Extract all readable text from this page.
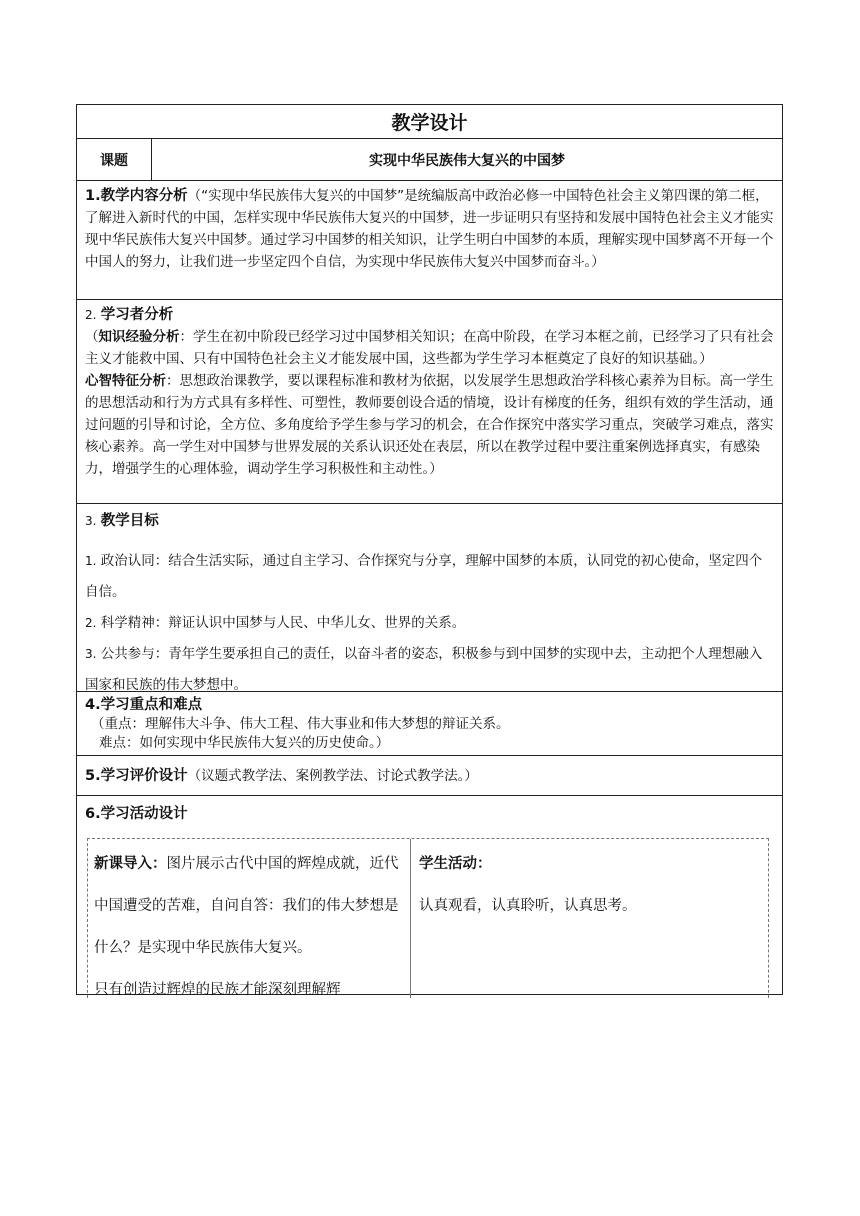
教学设计
课题	实现中华民族伟大复兴的中国梦

1.教学内容分析（“实现中华民族伟大复兴的中国梦”是统编版高中政治必修一中国特色社会主义第四课的第二框，了解进入新时代的中国，怎样实现中华民族伟大复兴的中国梦，进一步证明只有坚持和发展中国特色社会主义才能实现中华民族伟大复兴中国梦。通过学习中国梦的相关知识，让学生明白中国梦的本质，理解实现中国梦离不开每一个中国人的努力，让我们进一步坚定四个自信，为实现中华民族伟大复兴中国梦而奋斗。）

2. 学习者分析

（知识经验分析：学生在初中阶段已经学习过中国梦相关知识；在高中阶段，在学习本框之前，已经学习了只有社会主义才能救中国、只有中国特色社会主义才能发展中国，这些都为学生学习本框奠定了良好的知识基础。）

心智特征分析：思想政治课教学，要以课程标准和教材为依据，以发展学生思想政治学科核心素养为目标。高一学生的思想活动和行为方式具有多样性、可塑性，教师要创设合适的情境，设计有梯度的任务，组织有效的学生活动，通过问题的引导和讨论，全方位、多角度给予学生参与学习的机会，在合作探究中落实学习重点，突破学习难点，落实核心素养。高一学生对中国梦与世界发展的关系认识还处在表层，所以在教学过程中要注重案例选择真实，有感染力，增强学生的心理体验，调动学生学习积极性和主动性。）

3. 教学目标

1. 政治认同：结合生活实际，通过自主学习、合作探究与分享，理解中国梦的本质，认同党的初心使命，坚定四个自信。

2. 科学精神：辩证认识中国梦与人民、中华儿女、世界的关系。

3. 公共参与：青年学生要承担自己的责任，以奋斗者的姿态，积极参与到中国梦的实现中去，主动把个人理想融入国家和民族的伟大梦想中。

4.学习重点和难点

（重点：理解伟大斗争、伟大工程、伟大事业和伟大梦想的辩证关系。

难点：如何实现中华民族伟大复兴的历史使命。）

5.学习评价设计（议题式教学法、案例教学法、讨论式教学法。）

6.学习活动设计
新课导入：图片展示古代中国的辉煌成就，近代中国遭受的苦难，自问自答：我们的伟大梦想是什么？是实现中华民族伟大复兴。
只有创造过辉煌的民族才能深刻理解辉
学生活动：
认真观看，认真聆听，认真思考。
